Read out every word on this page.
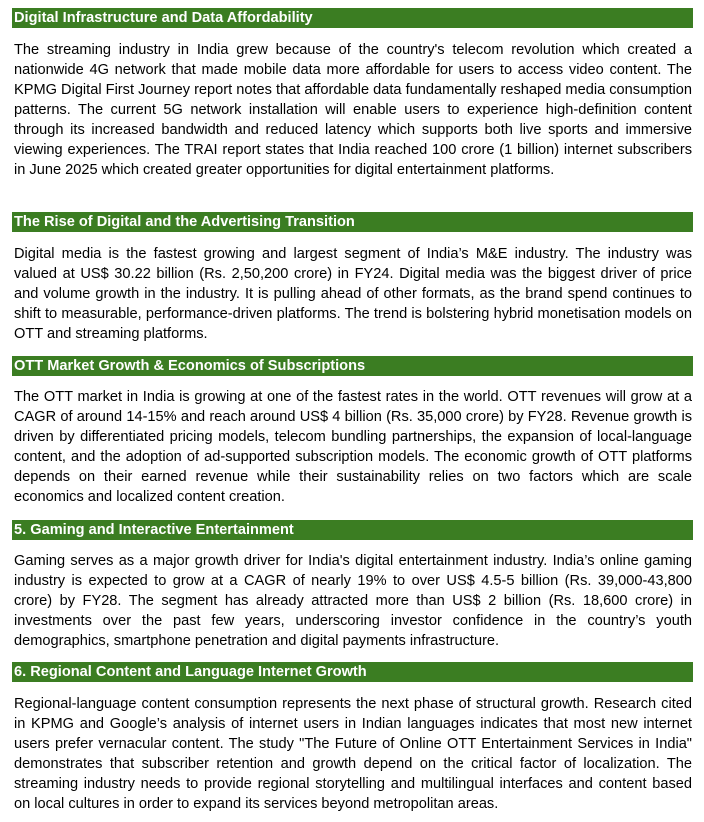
Digital Infrastructure and Data Affordability

The streaming industry in India grew because of the country's telecom revolution which created a nationwide 4G network that made mobile data more affordable for users to access video content. The KPMG Digital First Journey report notes that affordable data fundamentally reshaped media consumption patterns. The current 5G network installation will enable users to experience high-definition content through its increased bandwidth and reduced latency which supports both live sports and immersive viewing experiences. The TRAI report states that India reached 100 crore (1 billion) internet subscribers in June 2025 which created greater opportunities for digital entertainment platforms.

The Rise of Digital and the Advertising Transition

Digital media is the fastest growing and largest segment of India’s M&E industry. The industry was valued at US$ 30.22 billion (Rs. 2,50,200 crore) in FY24. Digital media was the biggest driver of price and volume growth in the industry. It is pulling ahead of other formats, as the brand spend continues to shift to measurable, performance-driven platforms. The trend is bolstering hybrid monetisation models on OTT and streaming platforms.

OTT Market Growth & Economics of Subscriptions

The OTT market in India is growing at one of the fastest rates in the world. OTT revenues will grow at a CAGR of around 14-15% and reach around US$ 4 billion (Rs. 35,000 crore) by FY28. Revenue growth is driven by differentiated pricing models, telecom bundling partnerships, the expansion of local-language content, and the adoption of ad-supported subscription models. The economic growth of OTT platforms depends on their earned revenue while their sustainability relies on two factors which are scale economics and localized content creation.

5. Gaming and Interactive Entertainment

Gaming serves as a major growth driver for India's digital entertainment industry. India’s online gaming industry is expected to grow at a CAGR of nearly 19% to over US$ 4.5-5 billion (Rs. 39,000-43,800 crore) by FY28. The segment has already attracted more than US$ 2 billion (Rs. 18,600 crore) in investments over the past few years, underscoring investor confidence in the country’s youth demographics, smartphone penetration and digital payments infrastructure.

6. Regional Content and Language Internet Growth

Regional-language content consumption represents the next phase of structural growth. Research cited in KPMG and Google’s analysis of internet users in Indian languages indicates that most new internet users prefer vernacular content. The study "The Future of Online OTT Entertainment Services in India" demonstrates that subscriber retention and growth depend on the critical factor of localization. The streaming industry needs to provide regional storytelling and multilingual interfaces and content based on local cultures in order to expand its services beyond metropolitan areas.
